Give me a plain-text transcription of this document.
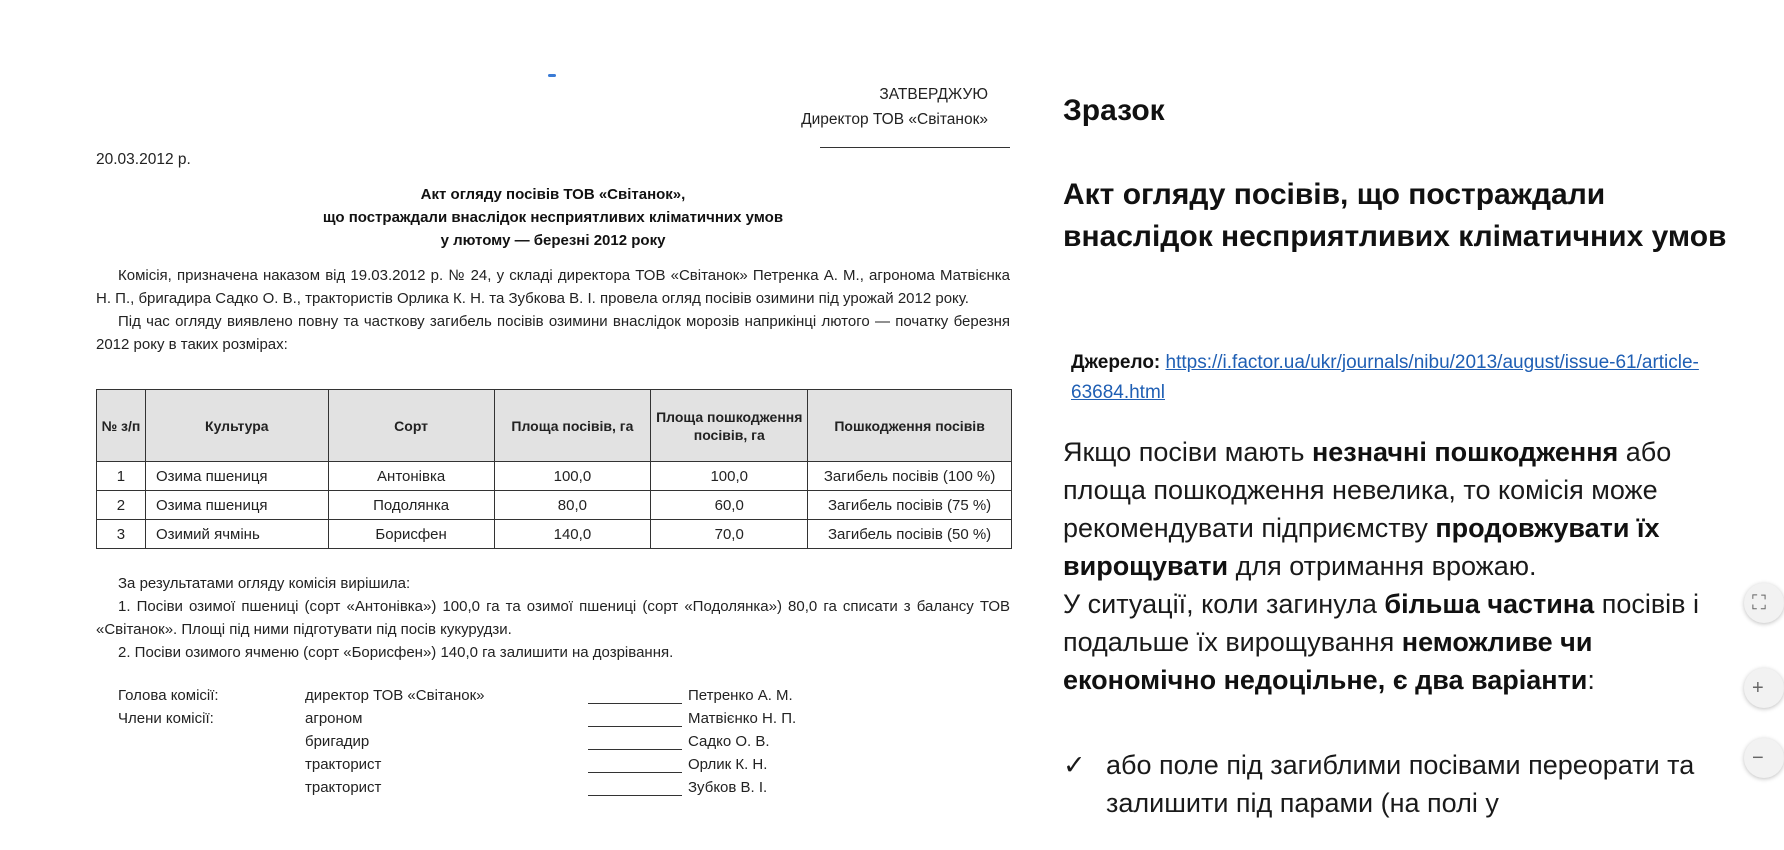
ЗАТВЕРДЖУЮ
Директор ТОВ «Світанок»
20.03.2012 р.
Акт огляду посівів ТОВ «Світанок»,
що постраждали внаслідок несприятливих кліматичних умов
у лютому — березні 2012 року

Комісія, призначена наказом від 19.03.2012 р. № 24, у складі директора ТОВ «Світанок» Петренка А. М., агронома Матвієнка Н. П., бригадира Садко О. В., трактористів Орлика К. Н. та Зубкова В. І. провела огляд посівів озимини під урожай 2012 року.

Під час огляду виявлено повну та часткову загибель посівів озимини внаслідок морозів наприкінці лютого — початку березня 2012 року в таких розмірах:

№ з/п	Культура	Сорт	Площа посівів, га	Площа пошкодження посівів, га	Пошкодження посівів
1	Озима пшениця	Антонівка	100,0	100,0	Загибель посівів (100 %)
2	Озима пшениця	Подолянка	80,0	60,0	Загибель посівів (75 %)
3	Озимий ячмінь	Борисфен	140,0	70,0	Загибель посівів (50 %)

За результатами огляду комісія вирішила:

1. Посіви озимої пшениці (сорт «Антонівка») 100,0 га та озимої пшениці (сорт «Подолянка») 80,0 га списати з балансу ТОВ «Світанок». Площі під ними підготувати під посів кукурудзи.

2. Посіви озимого ячменю (сорт «Борисфен») 140,0 га залишити на дозрівання.

Голова комісії:	директор ТОВ «Світанок»	Петренко А. М.
Члени комісії:	агроном	Матвієнко Н. П.
бригадир	Садко О. В.
тракторист	Орлик К. Н.
тракторист	Зубков В. І.
Зразок
Акт огляду посівів, що постраждали внаслідок несприятливих кліматичних умов
Джерело: https://i.factor.ua/ukr/journals/nibu/2013/august/issue-61/article-63684.html
Якщо посіви мають незначні пошкодження або площа пошкодження невелика, то комісія може рекомендувати підприємству продовжувати їх вирощувати для отримання врожаю.
У ситуації, коли загинула більша частина посівів і подальше їх вирощування неможливе чи економічно недоцільне, є два варіанти:
✓ або поле під загиблими посівами переорати та залишити під парами (на полі у
⛶
+
−
